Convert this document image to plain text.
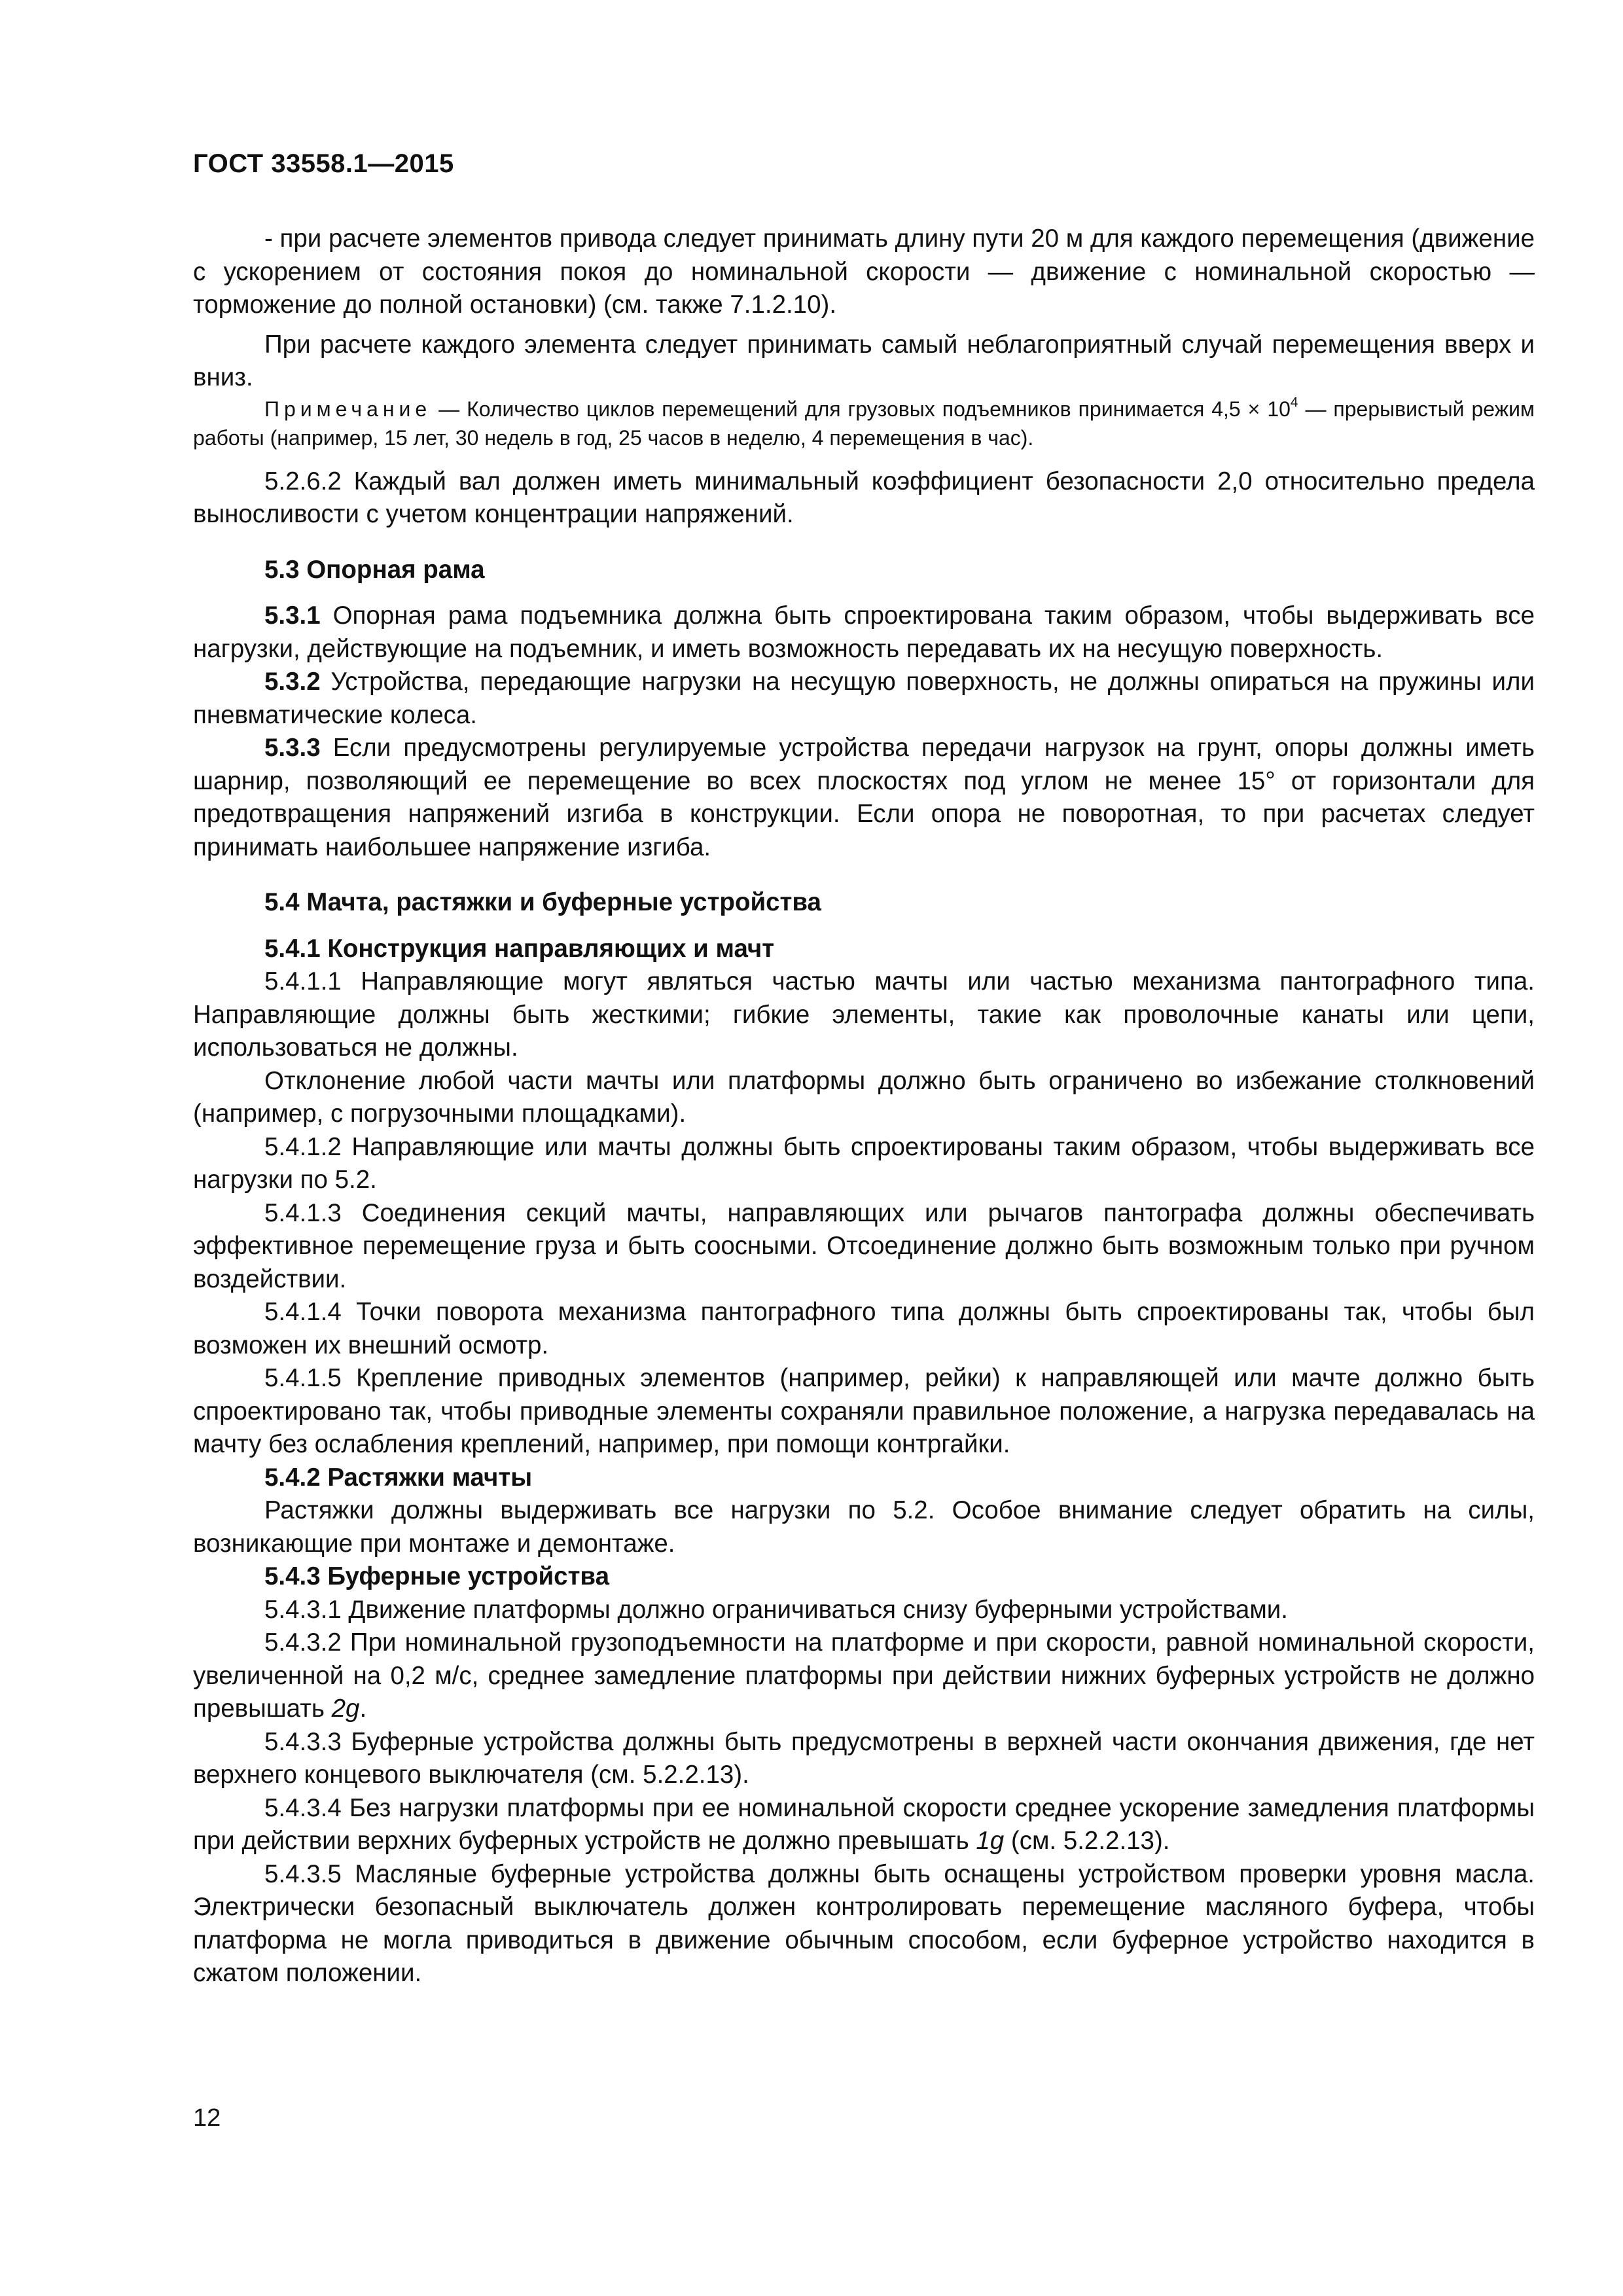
ГОСТ 33558.1—2015

- при расчете элементов привода следует принимать длину пути 20 м для каждого перемещения (движение с ускорением от состояния покоя до номинальной скорости — движение с номинальной скоростью — торможение до полной остановки) (см. также 7.1.2.10).

При расчете каждого элемента следует принимать самый неблагоприятный случай перемещения вверх и вниз.

Примечание — Количество циклов перемещений для грузовых подъемников принимается $4,5 \times 10^4$ — прерывистый режим работы (например, 15 лет, 30 недель в год, 25 часов в неделю, 4 перемещения в час).

5.2.6.2 Каждый вал должен иметь минимальный коэффициент безопасности 2,0 относительно предела выносливости с учетом концентрации напряжений.

5.3 Опорная рама

5.3.1 Опорная рама подъемника должна быть спроектирована таким образом, чтобы выдерживать все нагрузки, действующие на подъемник, и иметь возможность передавать их на несущую поверхность.

5.3.2 Устройства, передающие нагрузки на несущую поверхность, не должны опираться на пружины или пневматические колеса.

5.3.3 Если предусмотрены регулируемые устройства передачи нагрузок на грунт, опоры должны иметь шарнир, позволяющий ее перемещение во всех плоскостях под углом не менее 15° от горизонтали для предотвращения напряжений изгиба в конструкции. Если опора не поворотная, то при расчетах следует принимать наибольшее напряжение изгиба.

5.4 Мачта, растяжки и буферные устройства

5.4.1 Конструкция направляющих и мачт

5.4.1.1 Направляющие могут являться частью мачты или частью механизма пантографного типа. Направляющие должны быть жесткими; гибкие элементы, такие как проволочные канаты или цепи, использоваться не должны.

Отклонение любой части мачты или платформы должно быть ограничено во избежание столкновений (например, с погрузочными площадками).

5.4.1.2 Направляющие или мачты должны быть спроектированы таким образом, чтобы выдерживать все нагрузки по 5.2.

5.4.1.3 Соединения секций мачты, направляющих или рычагов пантографа должны обеспечивать эффективное перемещение груза и быть соосными. Отсоединение должно быть возможным только при ручном воздействии.

5.4.1.4 Точки поворота механизма пантографного типа должны быть спроектированы так, чтобы был возможен их внешний осмотр.

5.4.1.5 Крепление приводных элементов (например, рейки) к направляющей или мачте должно быть спроектировано так, чтобы приводные элементы сохраняли правильное положение, а нагрузка передавалась на мачту без ослабления креплений, например, при помощи контргайки.

5.4.2 Растяжки мачты

Растяжки должны выдерживать все нагрузки по 5.2. Особое внимание следует обратить на силы, возникающие при монтаже и демонтаже.

5.4.3 Буферные устройства

5.4.3.1 Движение платформы должно ограничиваться снизу буферными устройствами.

5.4.3.2 При номинальной грузоподъемности на платформе и при скорости, равной номинальной скорости, увеличенной на 0,2 м/с, среднее замедление платформы при действии нижних буферных устройств не должно превышать 2g.

5.4.3.3 Буферные устройства должны быть предусмотрены в верхней части окончания движения, где нет верхнего концевого выключателя (см. 5.2.2.13).

5.4.3.4 Без нагрузки платформы при ее номинальной скорости среднее ускорение замедления платформы при действии верхних буферных устройств не должно превышать 1g (см. 5.2.2.13).

5.4.3.5 Масляные буферные устройства должны быть оснащены устройством проверки уровня масла. Электрически безопасный выключатель должен контролировать перемещение масляного буфера, чтобы платформа не могла приводиться в движение обычным способом, если буферное устройство находится в сжатом положении.

12
